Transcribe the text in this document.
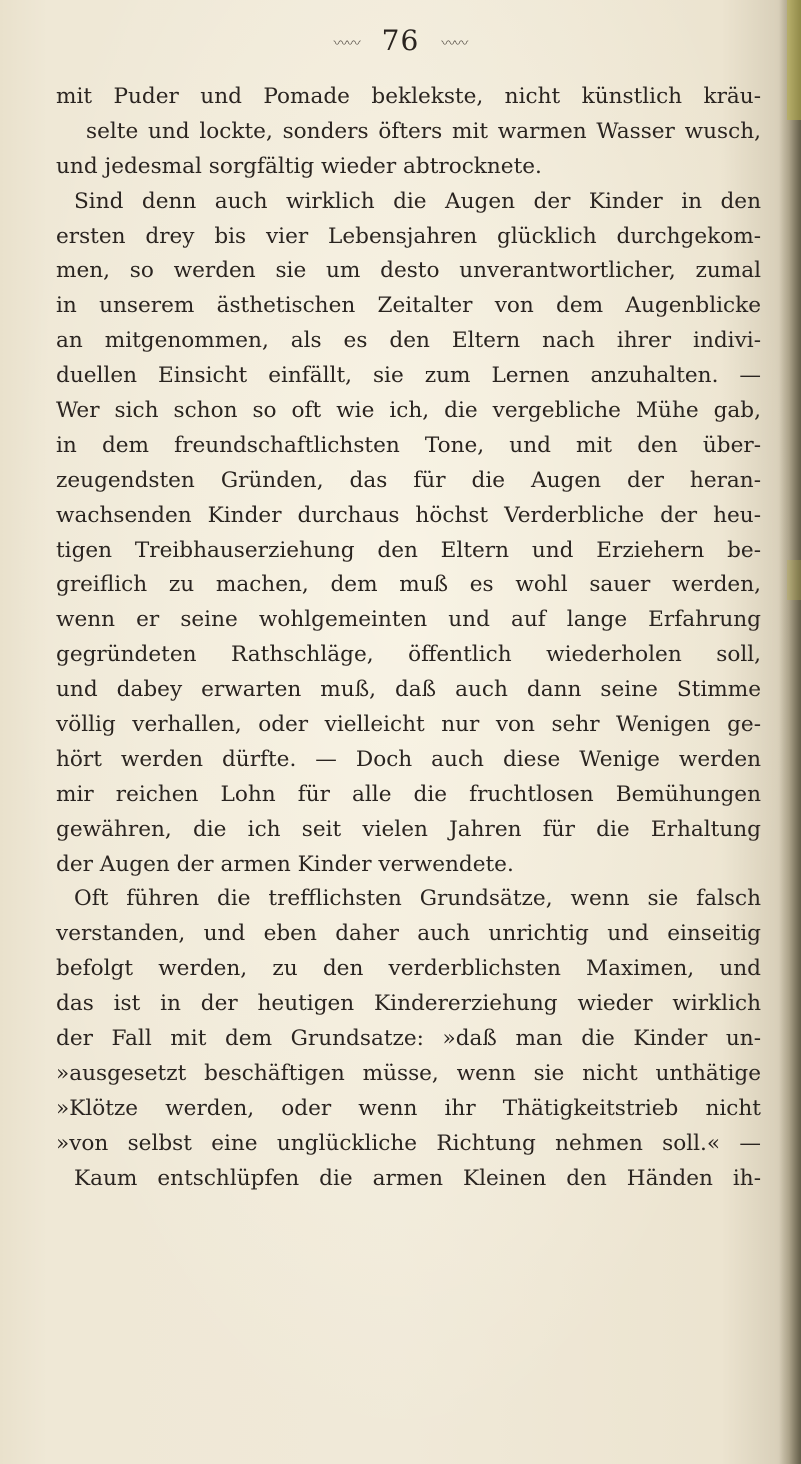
〰〰 76 〰〰
mit Puder und Pomade beklekste, nicht künstlich kräu-
selte und lockte, sonders öfters mit warmen Wasser wusch,
und jedesmal sorgfältig wieder abtrocknete.
Sind denn auch wirklich die Augen der Kinder in den
ersten drey bis vier Lebensjahren glücklich durchgekom-
men, so werden sie um desto unverantwortlicher, zumal
in unserem ästhetischen Zeitalter von dem Augenblicke
an mitgenommen, als es den Eltern nach ihrer indivi-
duellen Einsicht einfällt, sie zum Lernen anzuhalten. —
Wer sich schon so oft wie ich, die vergebliche Mühe gab,
in dem freundschaftlichsten Tone, und mit den über-
zeugendsten Gründen, das für die Augen der heran-
wachsenden Kinder durchaus höchst Verderbliche der heu-
tigen Treibhauserziehung den Eltern und Erziehern be-
greiflich zu machen, dem muß es wohl sauer werden,
wenn er seine wohlgemeinten und auf lange Erfahrung
gegründeten Rathschläge, öffentlich wiederholen soll,
und dabey erwarten muß, daß auch dann seine Stimme
völlig verhallen, oder vielleicht nur von sehr Wenigen ge-
hört werden dürfte. — Doch auch diese Wenige werden
mir reichen Lohn für alle die fruchtlosen Bemühungen
gewähren, die ich seit vielen Jahren für die Erhaltung
der Augen der armen Kinder verwendete.
Oft führen die trefflichsten Grundsätze, wenn sie falsch
verstanden, und eben daher auch unrichtig und einseitig
befolgt werden, zu den verderblichsten Maximen, und
das ist in der heutigen Kindererziehung wieder wirklich
der Fall mit dem Grundsatze: »daß man die Kinder un-
»ausgesetzt beschäftigen müsse, wenn sie nicht unthätige
»Klötze werden, oder wenn ihr Thätigkeitstrieb nicht
»von selbst eine unglückliche Richtung nehmen soll.« —
Kaum entschlüpfen die armen Kleinen den Händen ih-
